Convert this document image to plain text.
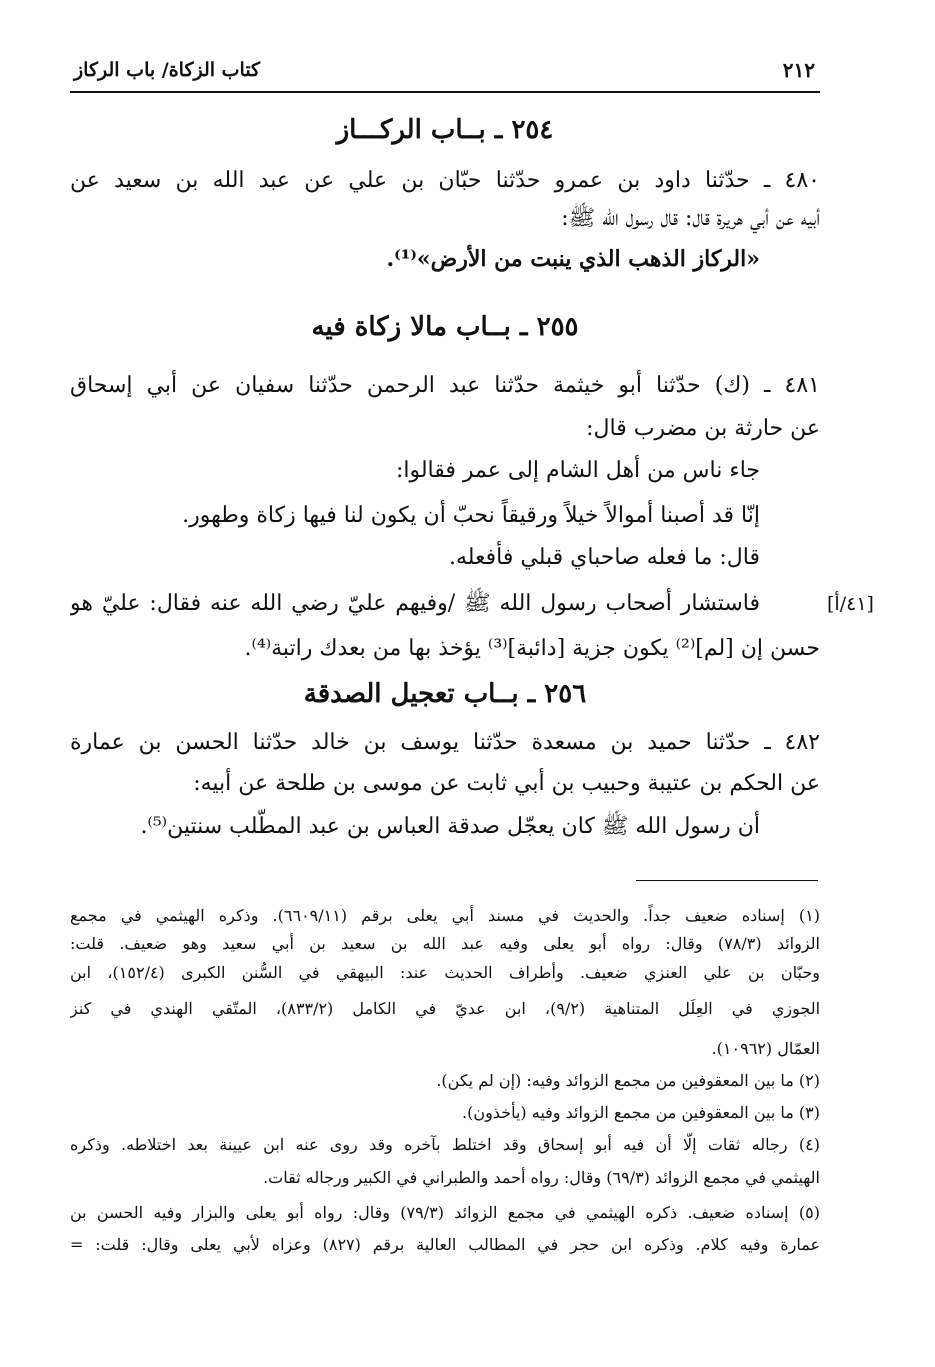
٢١٢
كتاب الزكاة/ باب الركاز
٢٥٤ ـ بــاب الركـــاز
٤٨٠ ـ حدّثنا داود بن عمرو حدّثنا حبّان بن علي عن عبد الله بن سعيد عن
أبيه عن أبي هريرة قال: قال رسول الله ﷺ:
«الركاز الذهب الذي ينبت من الأرض»⁽¹⁾.
٢٥٥ ـ بــاب مالا زكاة فيه
٤٨١ ـ (ك) حدّثنا أبو خيثمة حدّثنا عبد الرحمن حدّثنا سفيان عن أبي إسحاق
عن حارثة بن مضرب قال:
جاء ناس من أهل الشام إلى عمر فقالوا:
إنّا قد أصبنا أموالاً خيلاً ورقيقاً نحبّ أن يكون لنا فيها زكاة وطهور.
قال: ما فعله صاحباي قبلي فأفعله.
فاستشار أصحاب رسول الله ﷺ /وفيهم عليّ رضي الله عنه فقال: عليّ هو	[٤١/أ]
حسن إن [لم]⁽²⁾ يكون جزية [دائبة]⁽³⁾ يؤخذ بها من بعدك راتبة⁽⁴⁾.
٢٥٦ ـ بــاب تعجيل الصدقة
٤٨٢ ـ حدّثنا حميد بن مسعدة حدّثنا يوسف بن خالد حدّثنا الحسن بن عمارة
عن الحكم بن عتيبة وحبيب بن أبي ثابت عن موسى بن طلحة عن أبيه:
أن رسول الله ﷺ كان يعجّل صدقة العباس بن عبد المطّلب سنتين⁽⁵⁾.
(١) إسناده ضعيف جداً. والحديث في مسند أبي يعلى برقم (٦٦٠٩/١١). وذكره الهيثمي في مجمع
الزوائد (٧٨/٣) وقال: رواه أبو يعلى وفيه عبد الله بن سعيد بن أبي سعيد وهو ضعيف. قلت:
وحبّان بن علي العنزي ضعيف. وأطراف الحديث عند: البيهقي في السُّنن الكبرى (١٥٢/٤)، ابن
الجوزي في العِلَل المتناهية (٩/٢)، ابن عديّ في الكامل (٨٣٣/٢)، المتّقي الهندي في كنز
العمّال (١٠٩٦٢).
(٢) ما بين المعقوفين من مجمع الزوائد وفيه: (إن لم يكن).
(٣) ما بين المعقوفين من مجمع الزوائد وفيه (يأخذون).
(٤) رجاله ثقات إلّا أن فيه أبو إسحاق وقد اختلط بآخره وقد روى عنه ابن عيينة بعد اختلاطه. وذكره
الهيثمي في مجمع الزوائد (٦٩/٣) وقال: رواه أحمد والطبراني في الكبير ورجاله ثقات.
(٥) إسناده ضعيف. ذكره الهيثمي في مجمع الزوائد (٧٩/٣) وقال: رواه أبو يعلى والبزار وفيه الحسن بن
عمارة وفيه كلام. وذكره ابن حجر في المطالب العالية برقم (٨٢٧) وعزاه لأبي يعلى وقال: قلت: =
